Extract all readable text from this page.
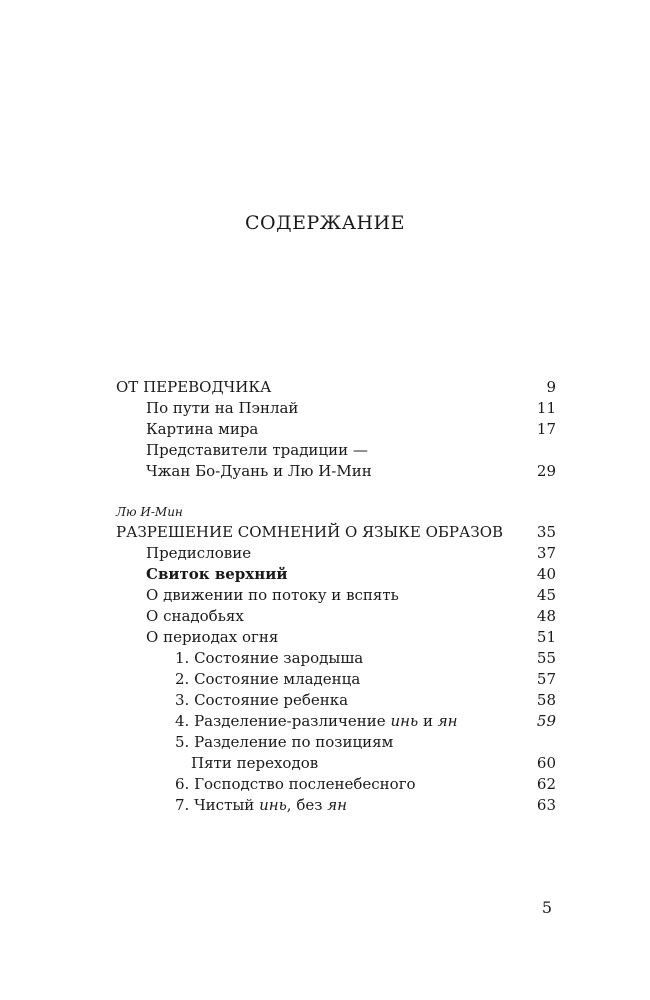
СОДЕРЖАНИЕ
ОТ ПЕРЕВОДЧИКА	9
По пути на Пэнлай	11
Картина мира	17
Представители традиции —
Чжан Бо-Дуань и Лю И-Мин	29
Лю И-Мин
РАЗРЕШЕНИЕ СОМНЕНИЙ О ЯЗЫКЕ ОБРАЗОВ 35
Предисловие	37
Свиток верхний	40
О движении по потоку и вспять	45
О снадобьях	48
О периодах огня	51
1. Состояние зародыша	55
2. Состояние младенца	57
3. Состояние ребенка	58
4. Разделение-различение инь и ян	59
5. Разделение по позициям
Пяти переходов	60
6. Господство посленебесного	62
7. Чистый инь, без ян	63
5
